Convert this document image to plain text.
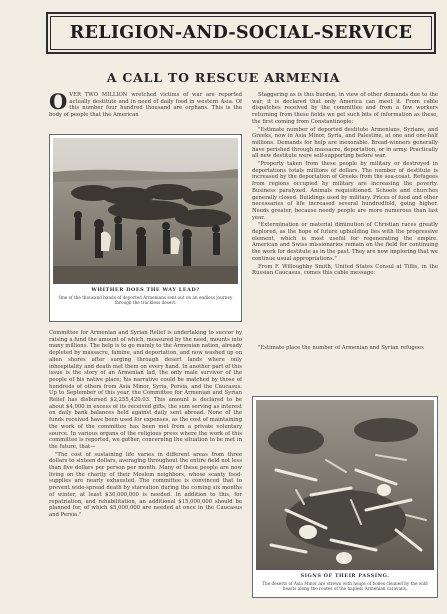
RELIGION-AND-SOCIAL-SERVICE
A CALL TO RESCUE ARMENIA

OVER TWO MILLION wretched victims of war are reported actually destitute and in need of daily food in western Asia. Of this number four hundred thousand are orphans. This is the body of people that the American

Staggering as is this burden, in view of other demands due to the war, it is declared that only America can meet it. From cable dispatches received by the committee and from a few workers returning from these fields we get such bits of information as these, the first coming from Constantinople:

"Estimate number of deported destitute Armenians, Syrians, and Greeks, now in Asia Minor, Syria, and Palestine, at one and one-half millions. Demands for help are inexorable. Bread-winners generally have perished through massacre, deportation, or in army. Practically all new destitute were self-supporting before war.

"Property taken from these people by military or destroyed in deportations totals millions of dollars. The number of destitute is increased by the deportation of Greeks from the sea-coast. Refugees from regions occupied by military are increasing the poverty. Business paralyzed. Animals requisitioned. Schools and churches generally closed. Buildings used by military. Prices of food and other necessaries of life increased several hundredfold, going higher. Needs greater, because needy people are more numerous than last year.

"Extermination or material diminution of Christian races greatly deplored, as the hope of future upbuilding lies with the progressive element, which is most useful for regenerating the empire. American and Swiss missionaries remain on the field for continuing the work for destitute as in the past. They are now imploring that we continue usual appropriations."

From F. Willoughby Smith, United States Consul at Tiflis, in the Russian Caucasus, comes this cable message:

"Estimate place the number of Armenian and Syrian refugees

WHITHER DOES THE WAY LEAD?
One of the thousand bands of deported Armenians sent out on an endless journey through the trackless desert.

Committee for Armenian and Syrian Relief is undertaking to succor by raising a fund the amount of which, measured by the need, mounts into many millions. The help is to go mainly to the Armenian nation, already depleted by massacre, famine, and deportation, and now washed up on alien shores after surging through desert lands where only inhospitality and death met them on every hand. In another part of this issue is the story of an Armenian lad, the only male survivor of the people of his native place; his narrative could be matched by those of hundreds of others from Asia Minor, Syria, Persia, and the Caucasus. Up to September of this year, the Committee for Armenian and Syrian Relief has disbursed $2,255,420.03. This amount is declared to be about $4,000 in excess of its received gifts, the sum serving as interest on daily bank balances held against daily sent abroad. None of the funds received have been used for expenses, as the cost of maintaining the work of the committee has been met from a private voluntary source. In various organs of the religious press where the work of this committee is reported, we gather, concerning the situation to be met in the future, that—

"The cost of sustaining life varies in different areas from three dollars to sixteen dollars, averaging throughout the entire field not less than five dollars per person per month. Many of these people are now living on the charity of their Moslem neighbors, whose scanty food-supplies are nearly exhausted. The committee is convinced that to prevent wide-spread death by starvation during the coming six months of winter, at least $30,000,000 is needed. In addition to this, for repatriation, and rehabilitation, an additional $15,000,000 should be planned for, of which $5,000,000 are needed at once in the Caucasus and Persia."

SIGNS OF THEIR PASSING.
The deserts of Asia Minor are strewn with heaps of bones cleaned by the wild beasts along the routes of the hapless Armenian caravans.
